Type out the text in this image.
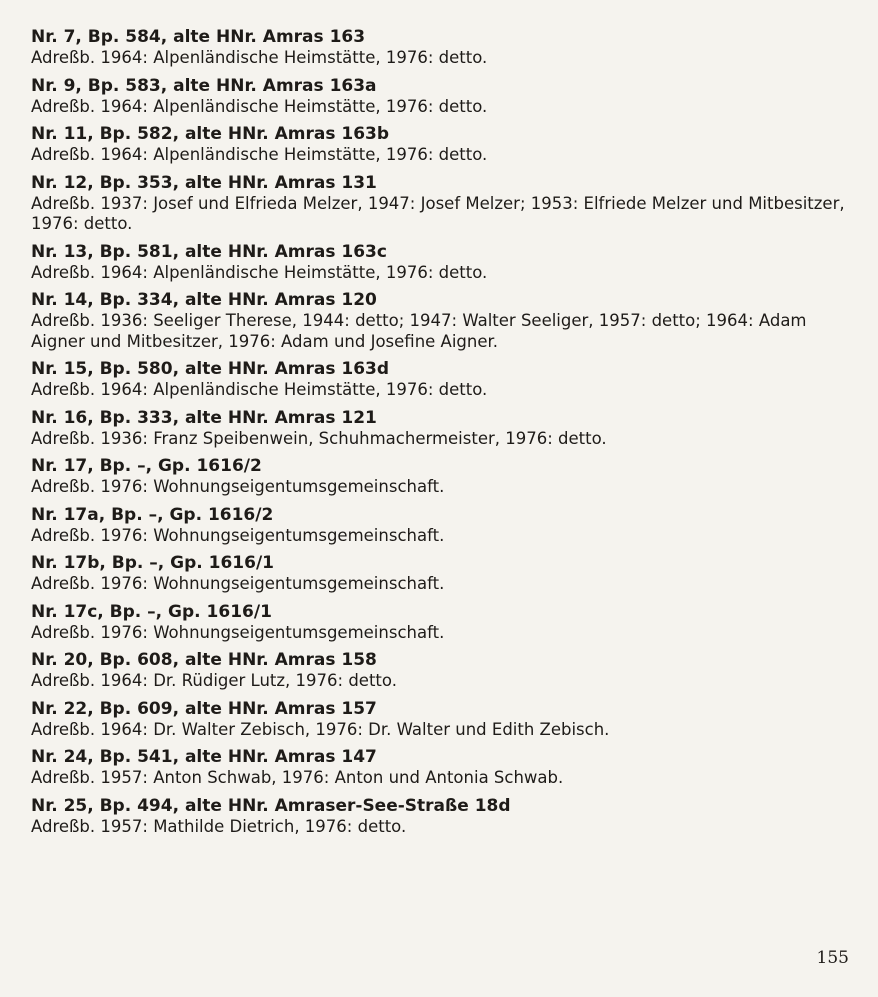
Nr. 7, Bp. 584, alte HNr. Amras 163
Adreßb. 1964: Alpenländische Heimstätte, 1976: detto.
Nr. 9, Bp. 583, alte HNr. Amras 163a
Adreßb. 1964: Alpenländische Heimstätte, 1976: detto.
Nr. 11, Bp. 582, alte HNr. Amras 163b
Adreßb. 1964: Alpenländische Heimstätte, 1976: detto.
Nr. 12, Bp. 353, alte HNr. Amras 131
Adreßb. 1937: Josef und Elfrieda Melzer, 1947: Josef Melzer; 1953: Elfriede Melzer und Mitbesitzer, 1976: detto.
Nr. 13, Bp. 581, alte HNr. Amras 163c
Adreßb. 1964: Alpenländische Heimstätte, 1976: detto.
Nr. 14, Bp. 334, alte HNr. Amras 120
Adreßb. 1936: Seeliger Therese, 1944: detto; 1947: Walter Seeliger, 1957: detto; 1964: Adam Aigner und Mitbesitzer, 1976: Adam und Josefine Aigner.
Nr. 15, Bp. 580, alte HNr. Amras 163d
Adreßb. 1964: Alpenländische Heimstätte, 1976: detto.
Nr. 16, Bp. 333, alte HNr. Amras 121
Adreßb. 1936: Franz Speibenwein, Schuhmachermeister, 1976: detto.
Nr. 17, Bp. –, Gp. 1616/2
Adreßb. 1976: Wohnungseigentumsgemeinschaft.
Nr. 17a, Bp. –, Gp. 1616/2
Adreßb. 1976: Wohnungseigentumsgemeinschaft.
Nr. 17b, Bp. –, Gp. 1616/1
Adreßb. 1976: Wohnungseigentumsgemeinschaft.
Nr. 17c, Bp. –, Gp. 1616/1
Adreßb. 1976: Wohnungseigentumsgemeinschaft.
Nr. 20, Bp. 608, alte HNr. Amras 158
Adreßb. 1964: Dr. Rüdiger Lutz, 1976: detto.
Nr. 22, Bp. 609, alte HNr. Amras 157
Adreßb. 1964: Dr. Walter Zebisch, 1976: Dr. Walter und Edith Zebisch.
Nr. 24, Bp. 541, alte HNr. Amras 147
Adreßb. 1957: Anton Schwab, 1976: Anton und Antonia Schwab.
Nr. 25, Bp. 494, alte HNr. Amraser-See-Straße 18d
Adreßb. 1957: Mathilde Dietrich, 1976: detto.
155
